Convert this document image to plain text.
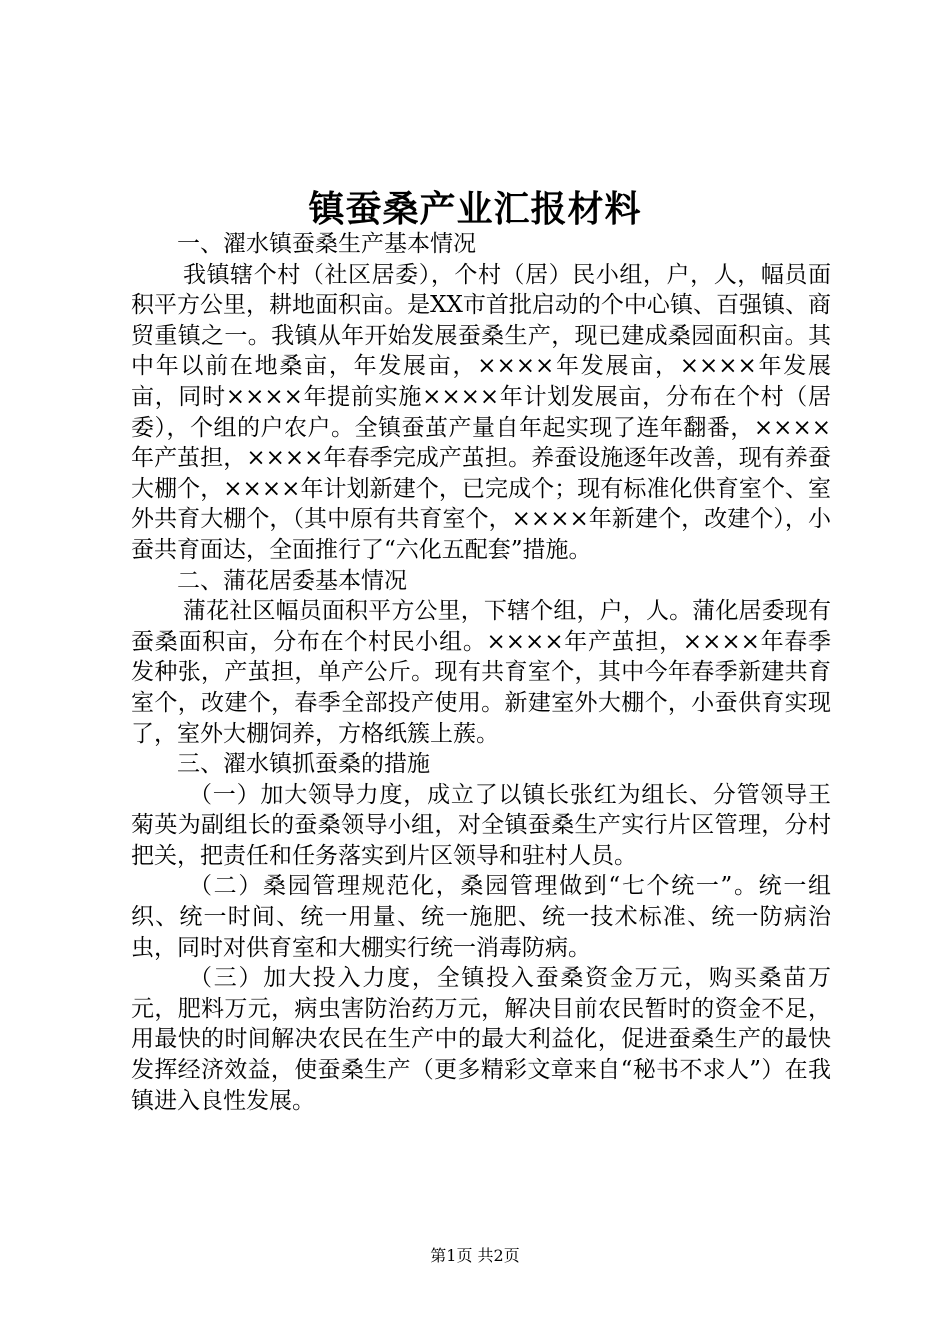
镇蚕桑产业汇报材料

一、濯水镇蚕桑生产基本情况

我镇辖个村（社区居委），个村（居）民小组，户，人，幅员面积平方公里，耕地面积亩。是XX市首批启动的个中心镇、百强镇、商贸重镇之一。我镇从年开始发展蚕桑生产，现已建成桑园面积亩。其中年以前在地桑亩，年发展亩，××××年发展亩，××××年发展亩，同时××××年提前实施××××年计划发展亩，分布在个村（居委），个组的户农户。全镇蚕茧产量自年起实现了连年翻番，××××年产茧担，××××年春季完成产茧担。养蚕设施逐年改善，现有养蚕大棚个，××××年计划新建个，已完成个；现有标准化供育室个、室外共育大棚个，（其中原有共育室个，××××年新建个，改建个），小蚕共育面达，全面推行了“六化五配套”措施。

二、蒲花居委基本情况

蒲花社区幅员面积平方公里，下辖个组，户，人。蒲化居委现有蚕桑面积亩，分布在个村民小组。××××年产茧担，××××年春季发种张，产茧担，单产公斤。现有共育室个，其中今年春季新建共育室个，改建个，春季全部投产使用。新建室外大棚个，小蚕供育实现了，室外大棚饲养，方格纸簇上蔟。

三、濯水镇抓蚕桑的措施

（一）加大领导力度，成立了以镇长张红为组长、分管领导王菊英为副组长的蚕桑领导小组，对全镇蚕桑生产实行片区管理，分村把关，把责任和任务落实到片区领导和驻村人员。

（二）桑园管理规范化，桑园管理做到“七个统一”。统一组织、统一时间、统一用量、统一施肥、统一技术标准、统一防病治虫，同时对供育室和大棚实行统一消毒防病。

（三）加大投入力度，全镇投入蚕桑资金万元，购买桑苗万元，肥料万元，病虫害防治药万元，解决目前农民暂时的资金不足，用最快的时间解决农民在生产中的最大利益化，促进蚕桑生产的最快发挥经济效益，使蚕桑生产（更多精彩文章来自“秘书不求人”）在我镇进入良性发展。

第1页 共2页
